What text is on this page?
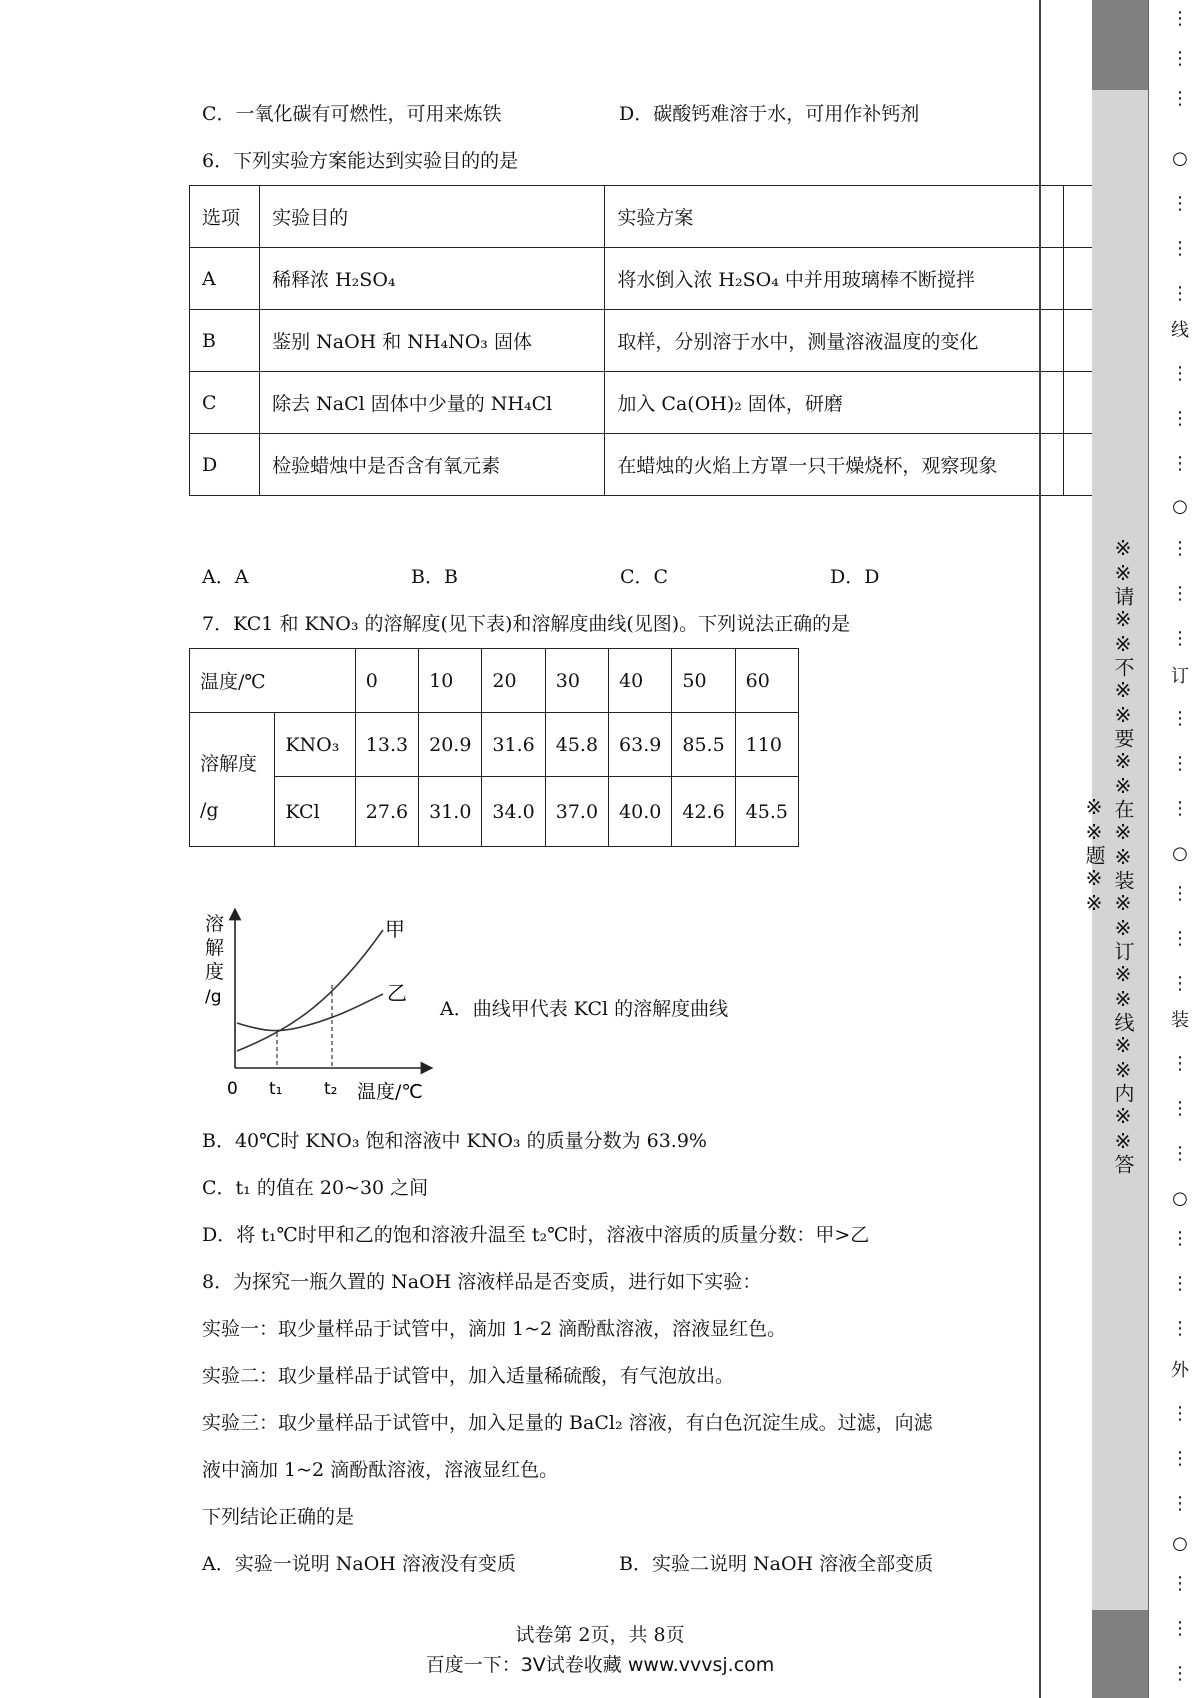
C．一氧化碳有可燃性，可用来炼铁	D．碳酸钙难溶于水，可用作补钙剂
6．下列实验方案能达到实验目的的是
选项	实验目的	实验方案	
A	稀释浓 H₂SO₄	将水倒入浓 H₂SO₄ 中并用玻璃棒不断搅拌	
B	鉴别 NaOH 和 NH₄NO₃ 固体	取样，分别溶于水中，测量溶液温度的变化	
C	除去 NaCl 固体中少量的 NH₄Cl	加入 Ca(OH)₂ 固体，研磨	
D	检验蜡烛中是否含有氧元素	在蜡烛的火焰上方罩一只干燥烧杯，观察现象	
A．A	B．B	C．C	D．D
7．KC1 和 KNO₃ 的溶解度(见下表)和溶解度曲线(见图)。下列说法正确的是
温度/℃		0	10	20	30	40	50	60

溶解度
/g	KNO₃	13.3	20.9	31.6	45.8	63.9	85.5	110
	KCl	27.6	31.0	34.0	37.0	40.0	42.6	45.5
溶
解
度
/g
0 t₁ t₂ 温度/℃
甲
乙
A．曲线甲代表 KCl 的溶解度曲线
B．40℃时 KNO₃ 饱和溶液中 KNO₃ 的质量分数为 63.9%
C．t₁ 的值在 20~30 之间
D．将 t₁℃时甲和乙的饱和溶液升温至 t₂℃时，溶液中溶质的质量分数：甲>乙
8．为探究一瓶久置的 NaOH 溶液样品是否变质，进行如下实验：
实验一：取少量样品于试管中，滴加 1~2 滴酚酞溶液，溶液显红色。
实验二：取少量样品于试管中，加入适量稀硫酸，有气泡放出。
实验三：取少量样品于试管中，加入足量的 BaCl₂ 溶液，有白色沉淀生成。过滤，向滤
液中滴加 1~2 滴酚酞溶液，溶液显红色。
下列结论正确的是
A．实验一说明 NaOH 溶液没有变质	B．实验二说明 NaOH 溶液全部变质
试卷第 2页，共 8页
百度一下：3V试卷收藏 www.vvvsj.com
※※请※※不※※要※※在※※装※※订※※线※※内※※答※※题※※
⋮
⋮
⋮
○
⋮
⋮
⋮
线
⋮
⋮
⋮
○
⋮
⋮
⋮
订
⋮
⋮
⋮
○
⋮
⋮
⋮
装
⋮
⋮
⋮
○
⋮
⋮
⋮
外
⋮
⋮
⋮
○
⋮
⋮
⋮
